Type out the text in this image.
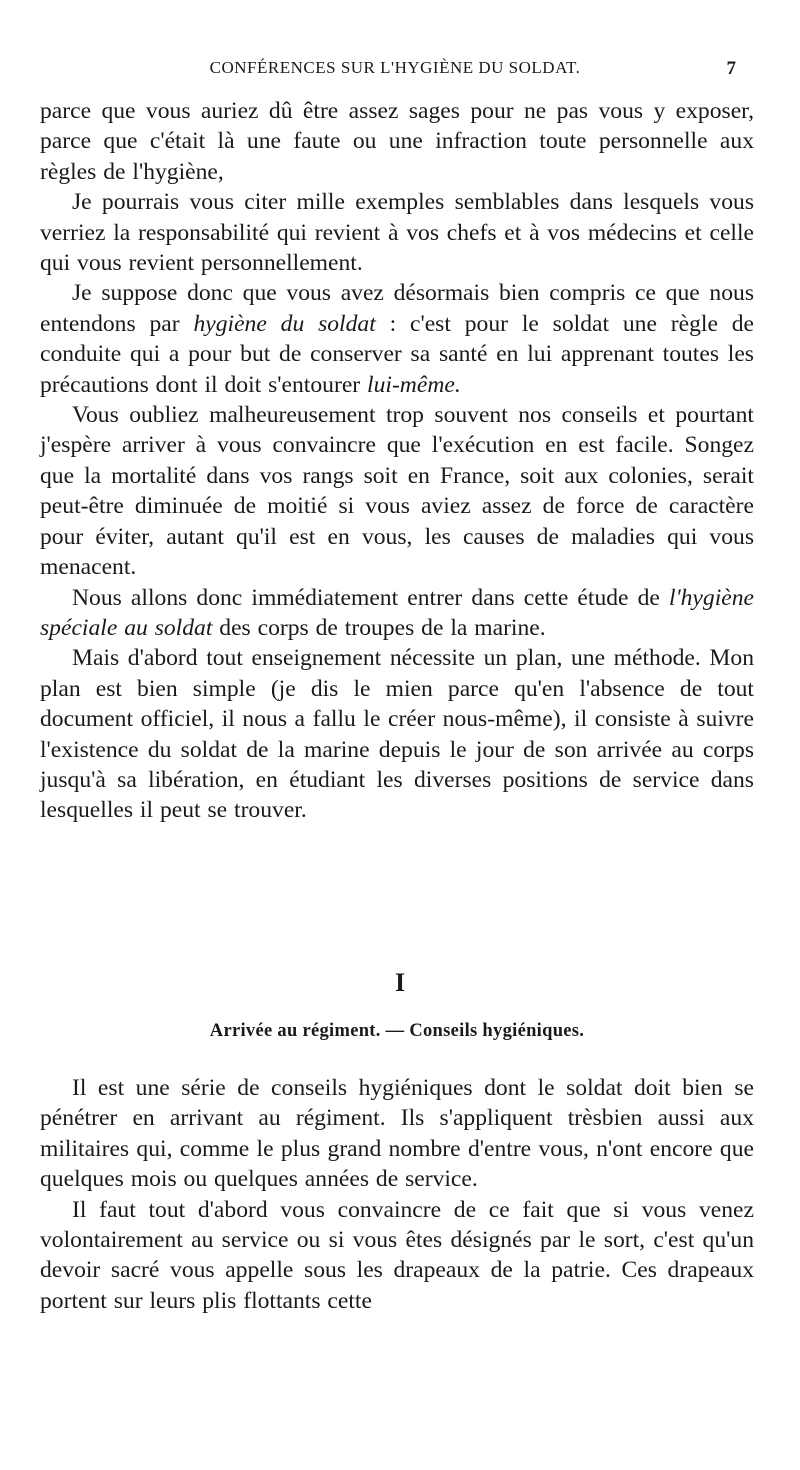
CONFÉRENCES SUR L'HYGIÈNE DU SOLDAT.	7

parce que vous auriez dû être assez sages pour ne pas vous y exposer, parce que c'était là une faute ou une infraction toute personnelle aux règles de l'hygiène,

Je pourrais vous citer mille exemples semblables dans lesquels vous verriez la responsabilité qui revient à vos chefs et à vos médecins et celle qui vous revient personnellement.

Je suppose donc que vous avez désormais bien compris ce que nous entendons par hygiène du soldat : c'est pour le soldat une règle de conduite qui a pour but de conserver sa santé en lui apprenant toutes les précautions dont il doit s'entourer lui-même.

Vous oubliez malheureusement trop souvent nos conseils et pourtant j'espère arriver à vous convaincre que l'exécution en est facile. Songez que la mortalité dans vos rangs soit en France, soit aux colonies, serait peut-être diminuée de moitié si vous aviez assez de force de caractère pour éviter, autant qu'il est en vous, les causes de maladies qui vous menacent.

Nous allons donc immédiatement entrer dans cette étude de l'hygiène spéciale au soldat des corps de troupes de la marine.

Mais d'abord tout enseignement nécessite un plan, une méthode. Mon plan est bien simple (je dis le mien parce qu'en l'absence de tout document officiel, il nous a fallu le créer nous-même), il consiste à suivre l'existence du soldat de la marine depuis le jour de son arrivée au corps jusqu'à sa libération, en étudiant les diverses positions de service dans lesquelles il peut se trouver.

I
Arrivée au régiment. — Conseils hygiéniques.

Il est une série de conseils hygiéniques dont le soldat doit bien se pénétrer en arrivant au régiment. Ils s'appliquent trèsbien aussi aux militaires qui, comme le plus grand nombre d'entre vous, n'ont encore que quelques mois ou quelques années de service.

Il faut tout d'abord vous convaincre de ce fait que si vous venez volontairement au service ou si vous êtes désignés par le sort, c'est qu'un devoir sacré vous appelle sous les drapeaux de la patrie. Ces drapeaux portent sur leurs plis flottants cette
